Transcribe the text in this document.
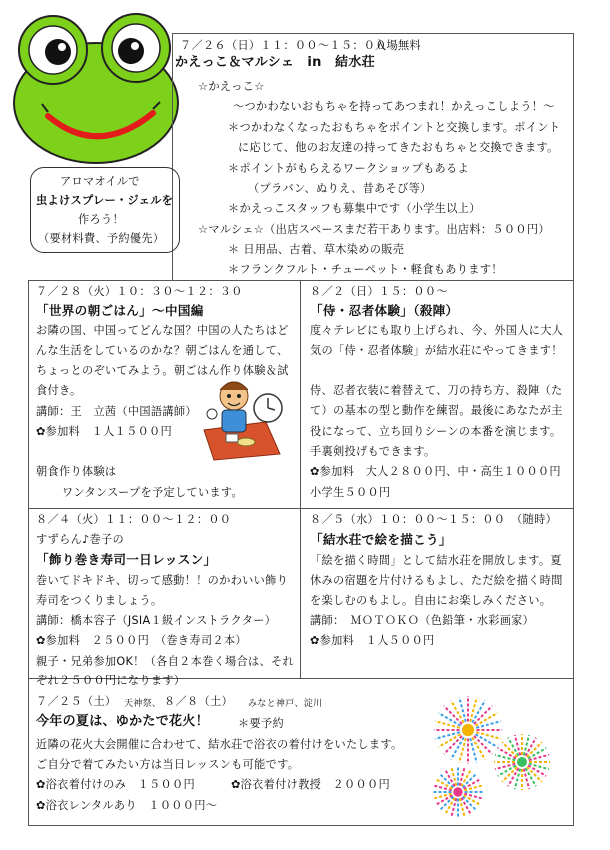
７／２６（日）１１：００〜１５：００
入場無料
かえっこ＆マルシェ　in　結水荘
☆かえっこ☆
〜つかわないおもちゃを持ってあつまれ！かえっこしよう！〜
＊つかわなくなったおもちゃをポイントと交換します。ポイント
に応じて、他のお友達の持ってきたおもちゃと交換できます。
＊ポイントがもらえるワークショップもあるよ
（プラバン、ぬりえ、昔あそび等）
＊かえっこスタッフも募集中です（小学生以上）
☆マルシェ☆（出店スペースまだ若干あります。出店料：５００円）
＊ 日用品、古着、草木染めの販売
＊フランクフルト・チューペット・軽食もあります！
アロマオイルで
虫よけスプレー・ジェルを
作ろう！
（要材料費、予約優先）
７／２８（火）１０：３０〜１２：３０
「世界の朝ごはん」〜中国編
お隣の国、中国ってどんな国？中国の人たちはど
んな生活をしているのかな？朝ごはんを通して、
ちょっとのぞいてみよう。朝ごはん作り体験＆試
食付き。
講師：王　立茜（中国語講師）
✿参加料　１人１５００円
朝食作り体験は
ワンタンスープを予定しています。
８／２（日）１５：００〜
「侍・忍者体験」（殺陣）
度々テレビにも取り上げられ、今、外国人に大人
気の「侍・忍者体験」が結水荘にやってきます！
侍、忍者衣装に着替えて、刀の持ち方、殺陣（た
て）の基本の型と動作を練習。最後にあなたが主
役になって、立ち回りシーンの本番を演じます。
手裏剣投げもできます。
✿参加料　大人２８００円、中・高生１０００円
小学生５００円
８／４（火）１１：００〜１２：００
すずらん♪巻子の
「飾り巻き寿司一日レッスン」
巻いてドキドキ、切って感動！！のかわいい飾り
寿司をつくりましょう。
講師：橋本容子（JSIA１級インストラクター）
✿参加料　２５００円　（巻き寿司２本）
親子・兄弟参加OK！（各自２本巻く場合は、それ
ぞれ２５００円になります）
８／５（水）１０：００〜１５：００　（随時）
「結水荘で絵を描こう」
「絵を描く時間」として結水荘を開放します。夏
休みの宿題を片付けるもよし、ただ絵を描く時間
を楽しむのもよし。自由にお楽しみください。
講師：　ＭＯＴＯＫＯ（色鉛筆・水彩画家）
✿参加料　１人５００円
７／２５（土） 天神祭、 ８／８（土） みなと神戸、淀川
今年の夏は、ゆかたで花火！	＊要予約
近隣の花火大会開催に合わせて、結水荘で浴衣の着付けをいたします。
ご自分で着てみたい方は当日レッスンも可能です。
✿浴衣着付けのみ　１５００円	✿浴衣着付け教授　２０００円
✿浴衣レンタルあり　１０００円〜
